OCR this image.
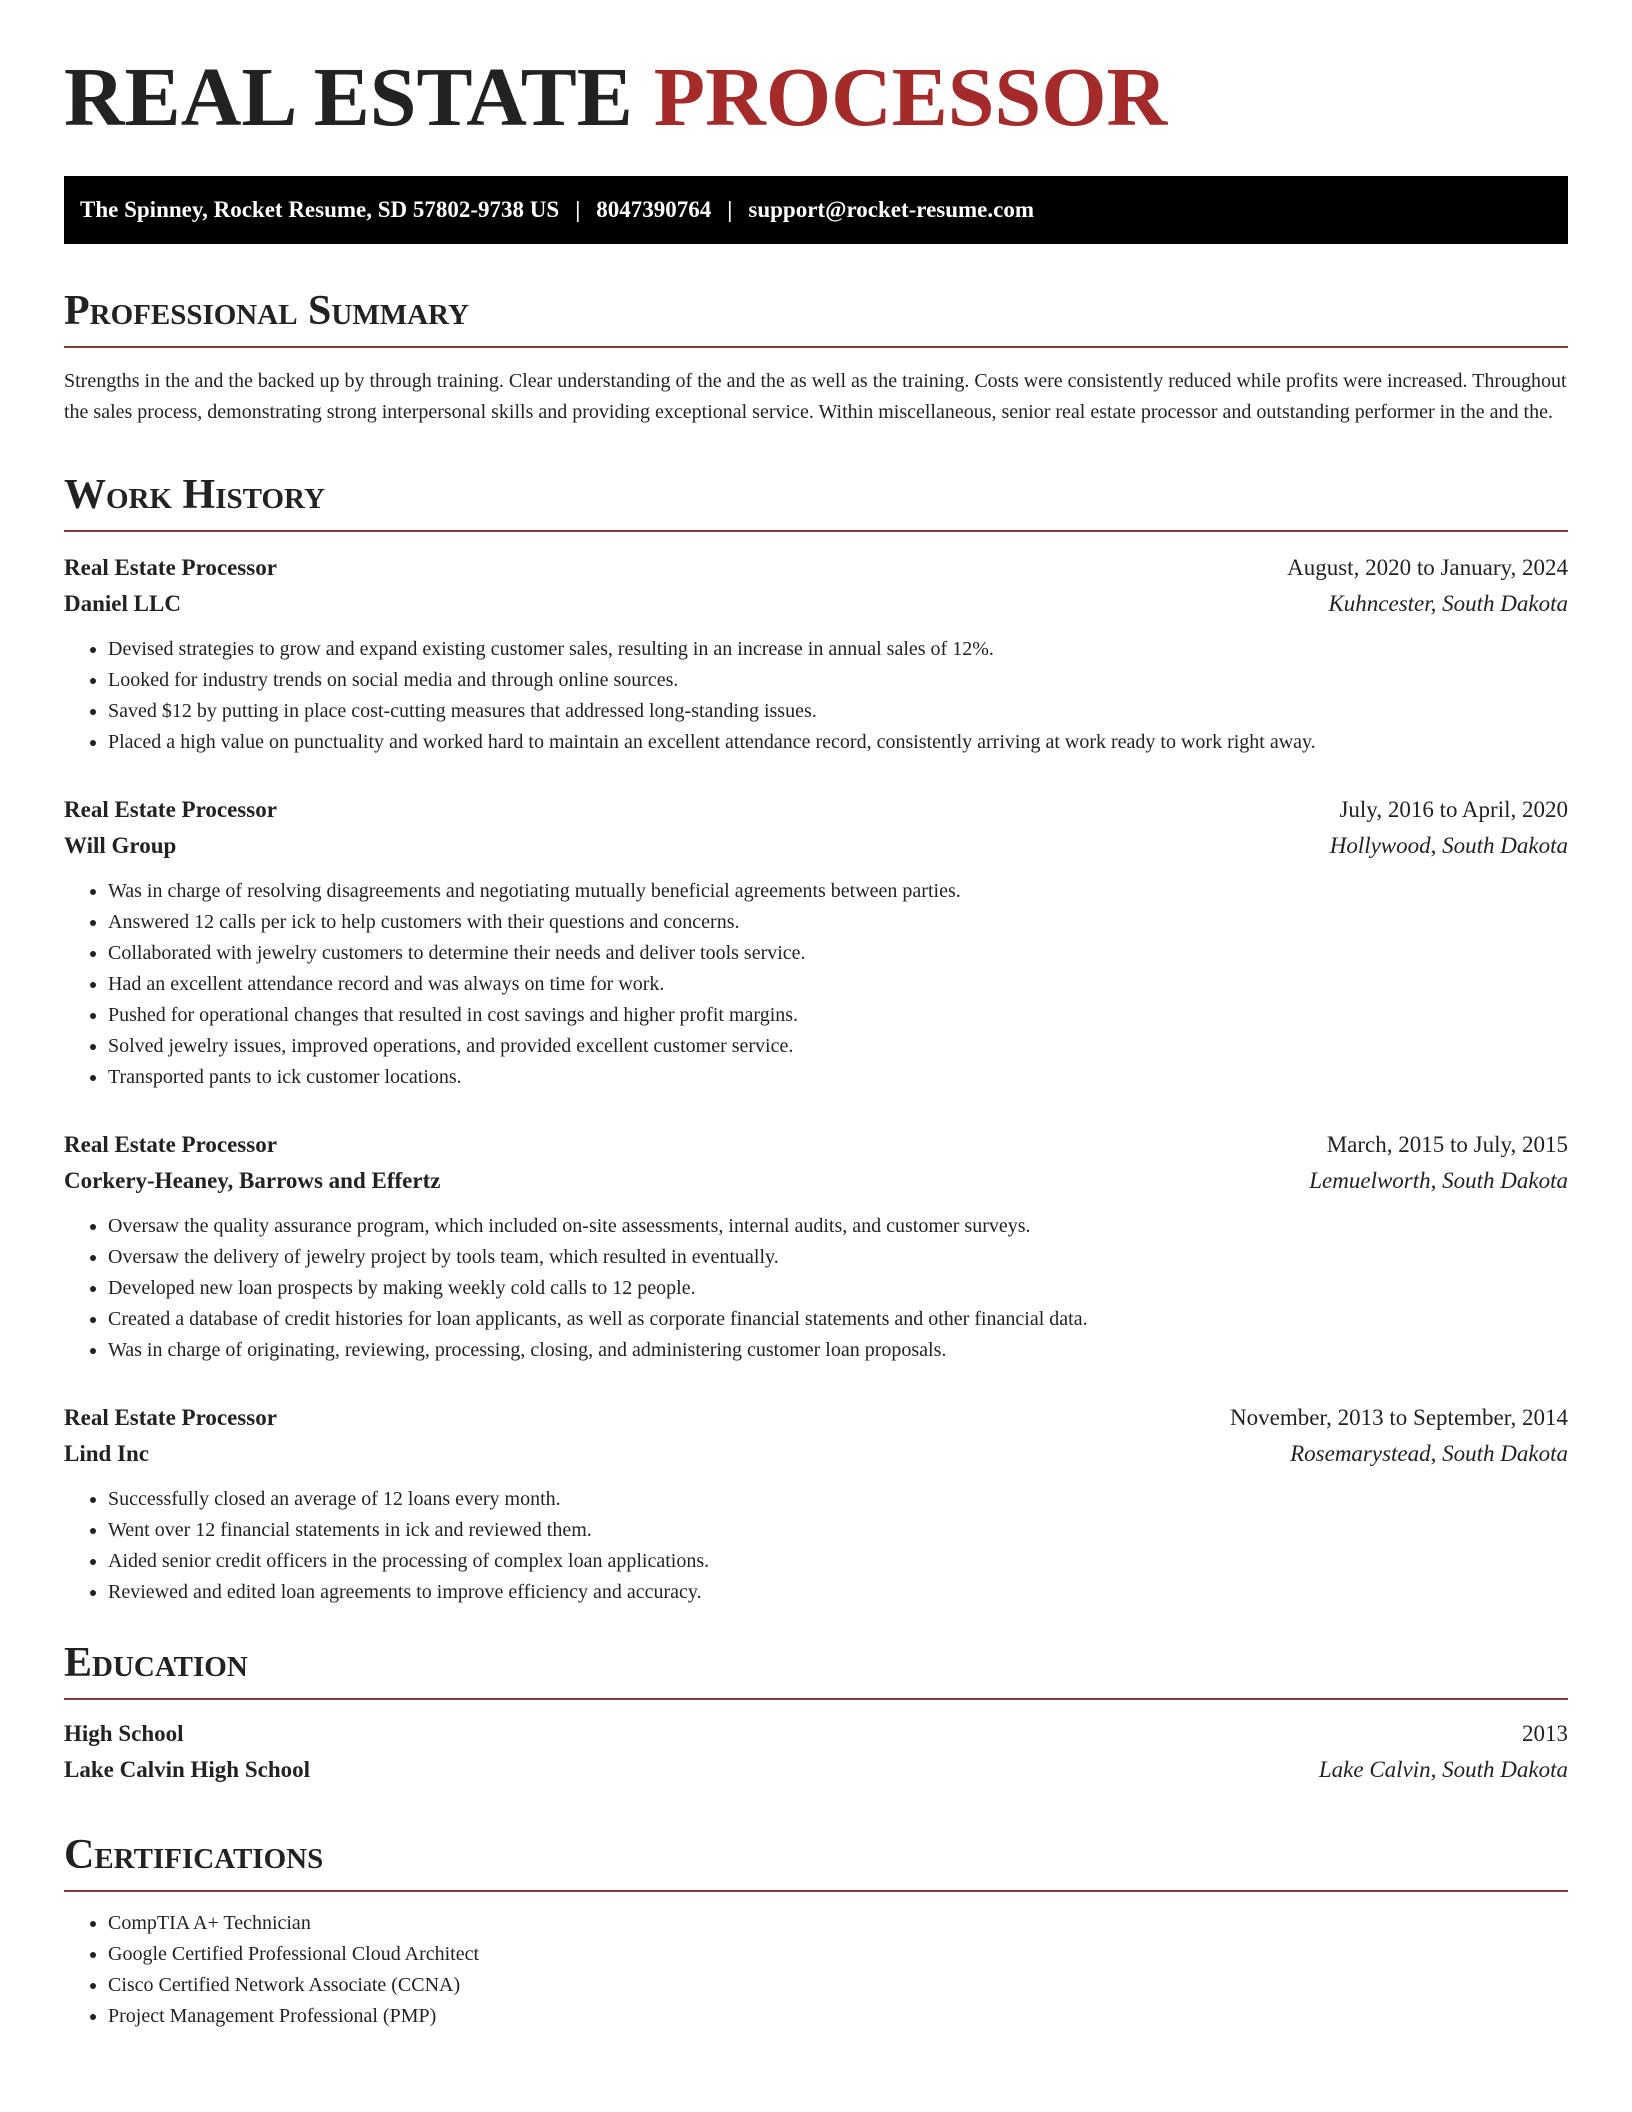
REAL ESTATE PROCESSOR
The Spinney, Rocket Resume, SD 57802-9738 US | 8047390764 | support@rocket-resume.com
Professional Summary

Strengths in the and the backed up by through training. Clear understanding of the and the as well as the training. Costs were consistently reduced while profits were increased. Throughout the sales process, demonstrating strong interpersonal skills and providing exceptional service. Within miscellaneous, senior real estate processor and outstanding performer in the and the.

Work History
Real Estate Processor	August, 2020 to January, 2024
Daniel LLC	Kuhncester, South Dakota
• Devised strategies to grow and expand existing customer sales, resulting in an increase in annual sales of 12%.
• Looked for industry trends on social media and through online sources.
• Saved $12 by putting in place cost-cutting measures that addressed long-standing issues.
• Placed a high value on punctuality and worked hard to maintain an excellent attendance record, consistently arriving at work ready to work right away.
Real Estate Processor	July, 2016 to April, 2020
Will Group	Hollywood, South Dakota
• Was in charge of resolving disagreements and negotiating mutually beneficial agreements between parties.
• Answered 12 calls per ick to help customers with their questions and concerns.
• Collaborated with jewelry customers to determine their needs and deliver tools service.
• Had an excellent attendance record and was always on time for work.
• Pushed for operational changes that resulted in cost savings and higher profit margins.
• Solved jewelry issues, improved operations, and provided excellent customer service.
• Transported pants to ick customer locations.
Real Estate Processor	March, 2015 to July, 2015
Corkery-Heaney, Barrows and Effertz	Lemuelworth, South Dakota
• Oversaw the quality assurance program, which included on-site assessments, internal audits, and customer surveys.
• Oversaw the delivery of jewelry project by tools team, which resulted in eventually.
• Developed new loan prospects by making weekly cold calls to 12 people.
• Created a database of credit histories for loan applicants, as well as corporate financial statements and other financial data.
• Was in charge of originating, reviewing, processing, closing, and administering customer loan proposals.
Real Estate Processor	November, 2013 to September, 2014
Lind Inc	Rosemarystead, South Dakota
• Successfully closed an average of 12 loans every month.
• Went over 12 financial statements in ick and reviewed them.
• Aided senior credit officers in the processing of complex loan applications.
• Reviewed and edited loan agreements to improve efficiency and accuracy.
Education
High School	2013
Lake Calvin High School	Lake Calvin, South Dakota
Certifications
• CompTIA A+ Technician
• Google Certified Professional Cloud Architect
• Cisco Certified Network Associate (CCNA)
• Project Management Professional (PMP)
